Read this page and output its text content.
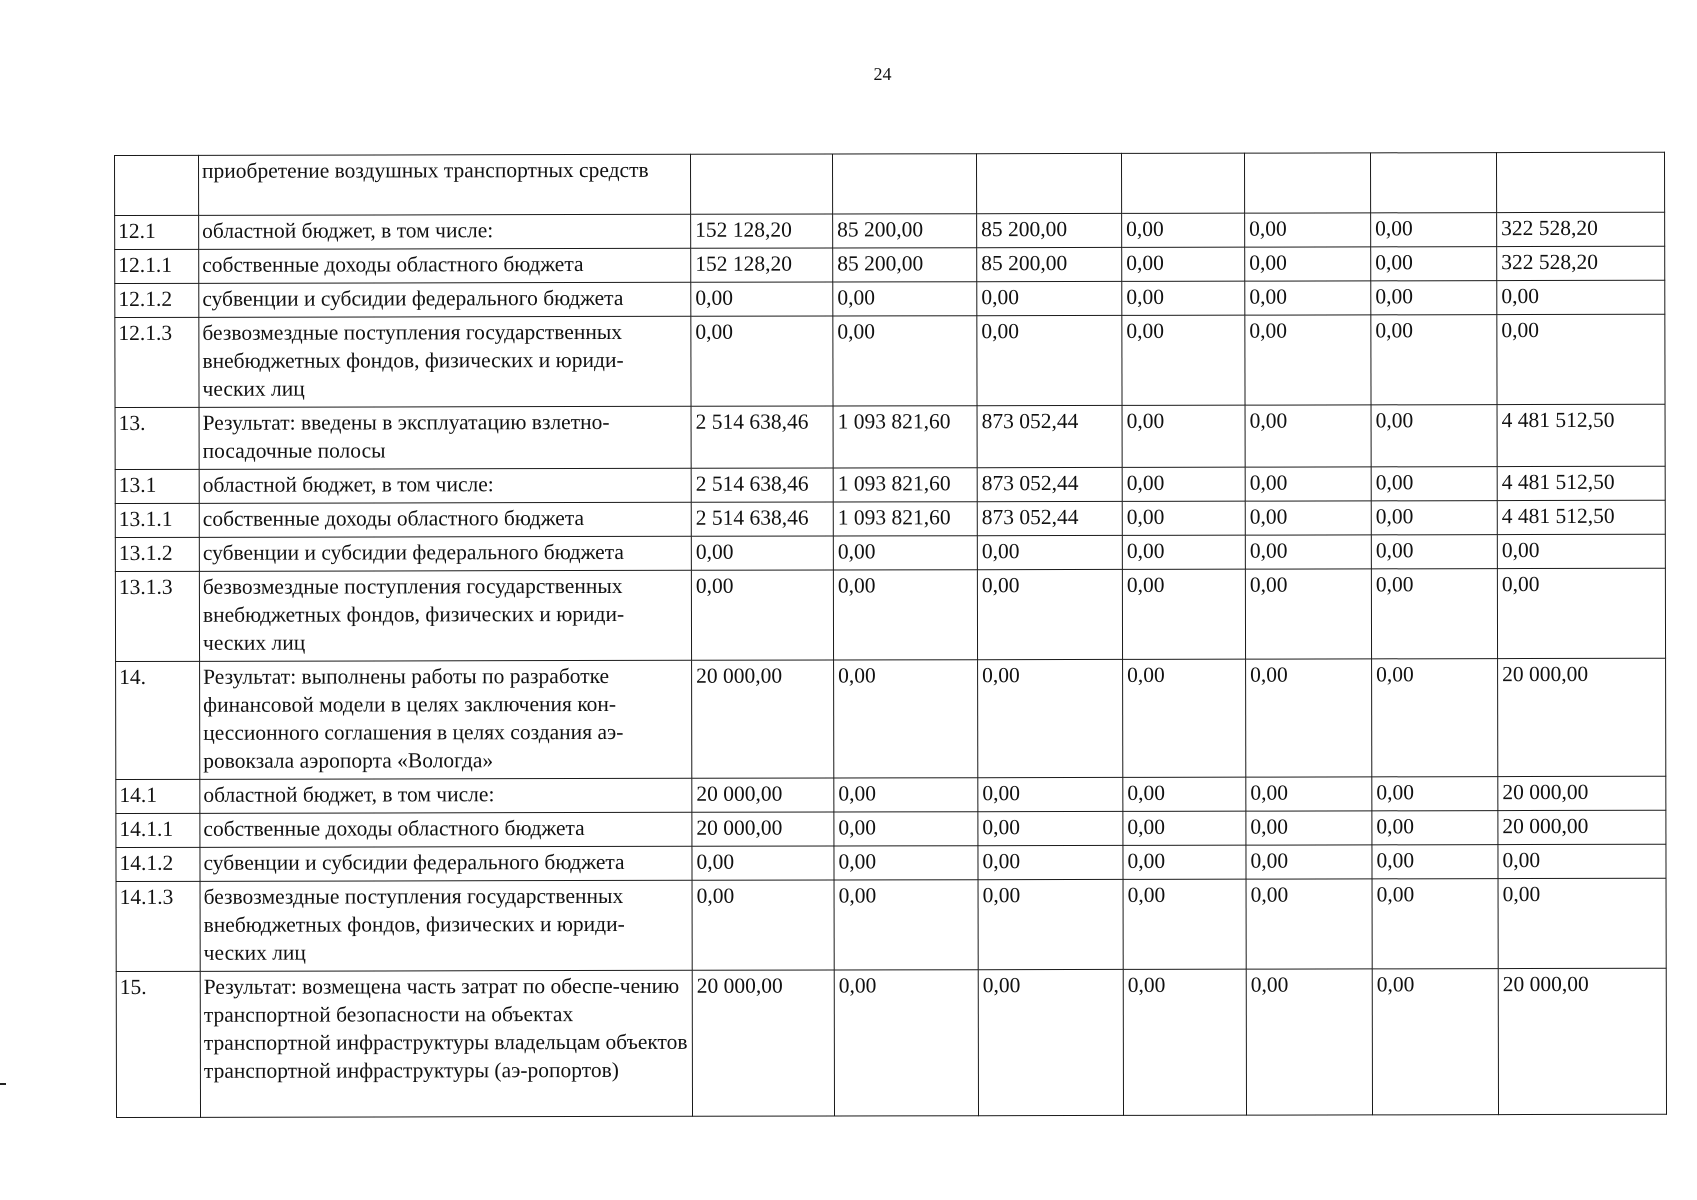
24
	приобретение воздушных транспортных средств							
12.1	областной бюджет, в том числе:	152 128,20	85 200,00	85 200,00	0,00	0,00	0,00	322 528,20
12.1.1	собственные доходы областного бюджета	152 128,20	85 200,00	85 200,00	0,00	0,00	0,00	322 528,20
12.1.2	субвенции и субсидии федерального бюджета	0,00	0,00	0,00	0,00	0,00	0,00	0,00
12.1.3	безвозмездные поступления государственных внебюджетных фондов, физических и юриди-ческих лиц	0,00	0,00	0,00	0,00	0,00	0,00	0,00
13.	Результат: введены в эксплуатацию взлетно-посадочные полосы	2 514 638,46	1 093 821,60	873 052,44	0,00	0,00	0,00	4 481 512,50
13.1	областной бюджет, в том числе:	2 514 638,46	1 093 821,60	873 052,44	0,00	0,00	0,00	4 481 512,50
13.1.1	собственные доходы областного бюджета	2 514 638,46	1 093 821,60	873 052,44	0,00	0,00	0,00	4 481 512,50
13.1.2	субвенции и субсидии федерального бюджета	0,00	0,00	0,00	0,00	0,00	0,00	0,00
13.1.3	безвозмездные поступления государственных внебюджетных фондов, физических и юриди-ческих лиц	0,00	0,00	0,00	0,00	0,00	0,00	0,00
14.	Результат: выполнены работы по разработке финансовой модели в целях заключения кон-цессионного соглашения в целях создания аэ-ровокзала аэропорта «Вологда»	20 000,00	0,00	0,00	0,00	0,00	0,00	20 000,00
14.1	областной бюджет, в том числе:	20 000,00	0,00	0,00	0,00	0,00	0,00	20 000,00
14.1.1	собственные доходы областного бюджета	20 000,00	0,00	0,00	0,00	0,00	0,00	20 000,00
14.1.2	субвенции и субсидии федерального бюджета	0,00	0,00	0,00	0,00	0,00	0,00	0,00
14.1.3	безвозмездные поступления государственных внебюджетных фондов, физических и юриди-ческих лиц	0,00	0,00	0,00	0,00	0,00	0,00	0,00
15.	Результат: возмещена часть затрат по обеспе-чению транспортной безопасности на объектах транспортной инфраструктуры владельцам объектов транспортной инфраструктуры (аэ-ропортов)	20 000,00	0,00	0,00	0,00	0,00	0,00	20 000,00
